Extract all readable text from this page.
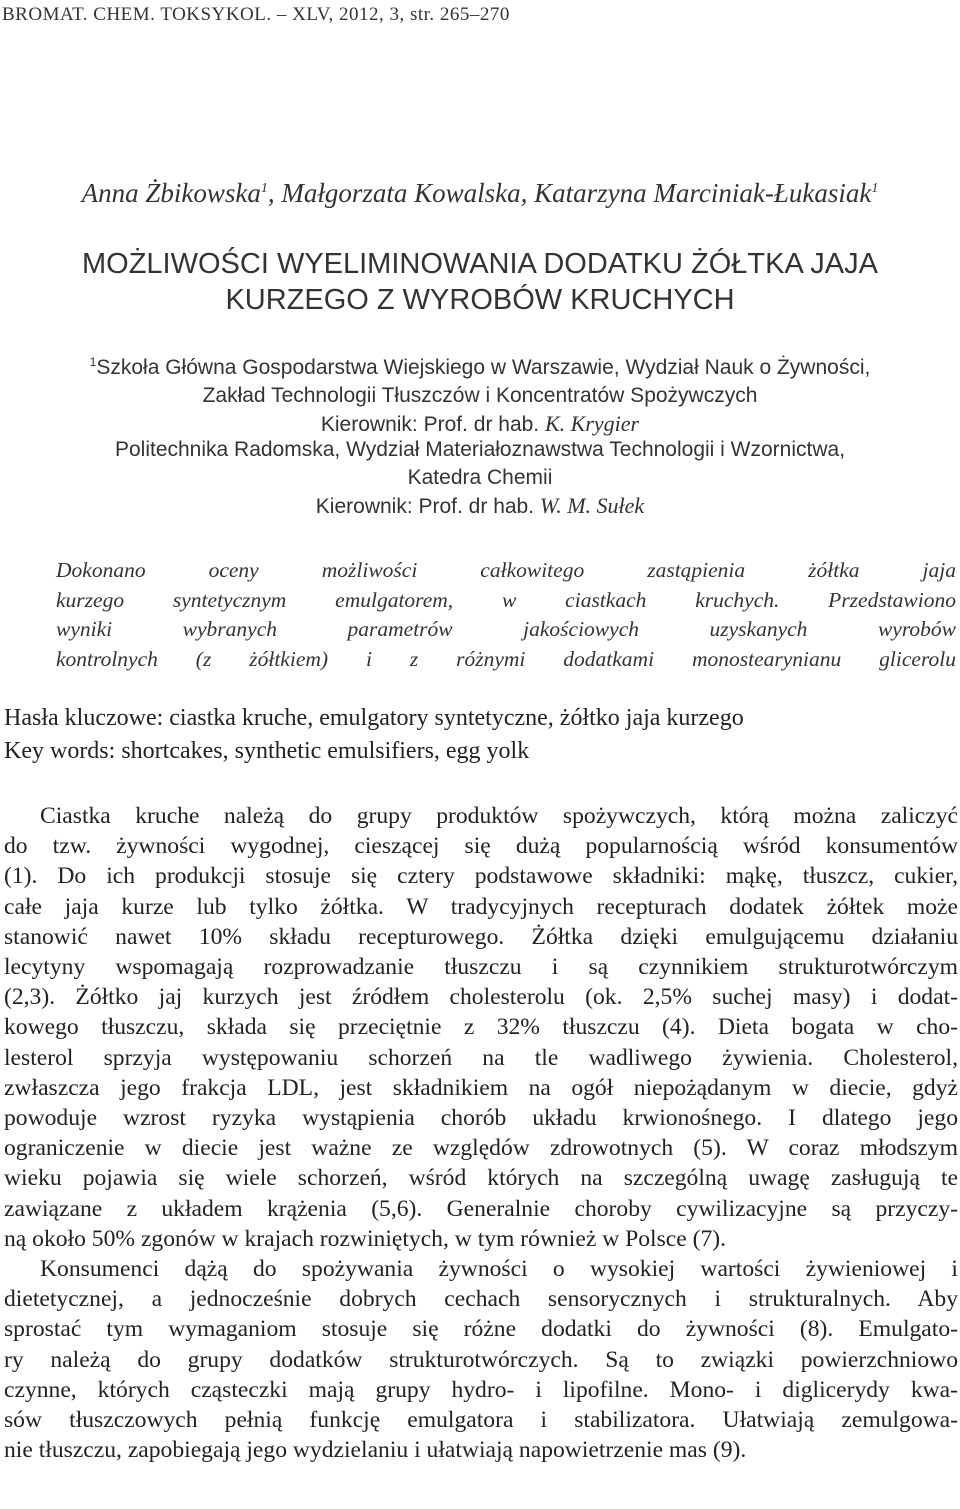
BROMAT. CHEM. TOKSYKOL. – XLV, 2012, 3, str. 265–270
Anna Żbikowska$^1$, Małgorzata Kowalska, Katarzyna Marciniak-Łukasiak$^1$
MOŻLIWOŚCI WYELIMINOWANIA DODATKU ŻÓŁTKA JAJA
KURZEGO Z WYROBÓW KRUCHYCH
$^1$Szkoła Główna Gospodarstwa Wiejskiego w Warszawie, Wydział Nauk o Żywności,
Zakład Technologii Tłuszczów i Koncentratów Spożywczych
Kierownik: Prof. dr hab. K. Krygier
Politechnika Radomska, Wydział Materiałoznawstwa Technologii i Wzornictwa,
Katedra Chemii
Kierownik: Prof. dr hab. W. M. Sułek
Dokonano oceny możliwości całkowitego zastąpienia żółtka jaja
kurzego syntetycznym emulgatorem, w ciastkach kruchych. Przedstawiono
wyniki wybranych parametrów jakościowych uzyskanych wyrobów
kontrolnych (z żółtkiem) i z różnymi dodatkami monostearynianu glicerolu
Hasła kluczowe: ciastka kruche, emulgatory syntetyczne, żółtko jaja kurzego
Key words: shortcakes, synthetic emulsifiers, egg yolk
Ciastka kruche należą do grupy produktów spożywczych, którą można zaliczyć
do tzw. żywności wygodnej, cieszącej się dużą popularnością wśród konsumentów
(1). Do ich produkcji stosuje się cztery podstawowe składniki: mąkę, tłuszcz, cukier,
całe jaja kurze lub tylko żółtka. W tradycyjnych recepturach dodatek żółtek może
stanowić nawet 10% składu recepturowego. Żółtka dzięki emulgującemu działaniu
lecytyny wspomagają rozprowadzanie tłuszczu i są czynnikiem strukturotwórczym
(2,3). Żółtko jaj kurzych jest źródłem cholesterolu (ok. 2,5% suchej masy) i dodat-
kowego tłuszczu, składa się przeciętnie z 32% tłuszczu (4). Dieta bogata w cho-
lesterol sprzyja występowaniu schorzeń na tle wadliwego żywienia. Cholesterol,
zwłaszcza jego frakcja LDL, jest składnikiem na ogół niepożądanym w diecie, gdyż
powoduje wzrost ryzyka wystąpienia chorób układu krwionośnego. I dlatego jego
ograniczenie w diecie jest ważne ze względów zdrowotnych (5). W coraz młodszym
wieku pojawia się wiele schorzeń, wśród których na szczególną uwagę zasługują te
zawiązane z układem krążenia (5,6). Generalnie choroby cywilizacyjne są przyczy-
ną około 50% zgonów w krajach rozwiniętych, w tym również w Polsce (7).
Konsumenci dążą do spożywania żywności o wysokiej wartości żywieniowej i
dietetycznej, a jednocześnie dobrych cechach sensorycznych i strukturalnych. Aby
sprostać tym wymaganiom stosuje się różne dodatki do żywności (8). Emulgato-
ry należą do grupy dodatków strukturotwórczych. Są to związki powierzchniowo
czynne, których cząsteczki mają grupy hydro- i lipofilne. Mono- i diglicerydy kwa-
sów tłuszczowych pełnią funkcję emulgatora i stabilizatora. Ułatwiają zemulgowa-
nie tłuszczu, zapobiegają jego wydzielaniu i ułatwiają napowietrzenie mas (9).
